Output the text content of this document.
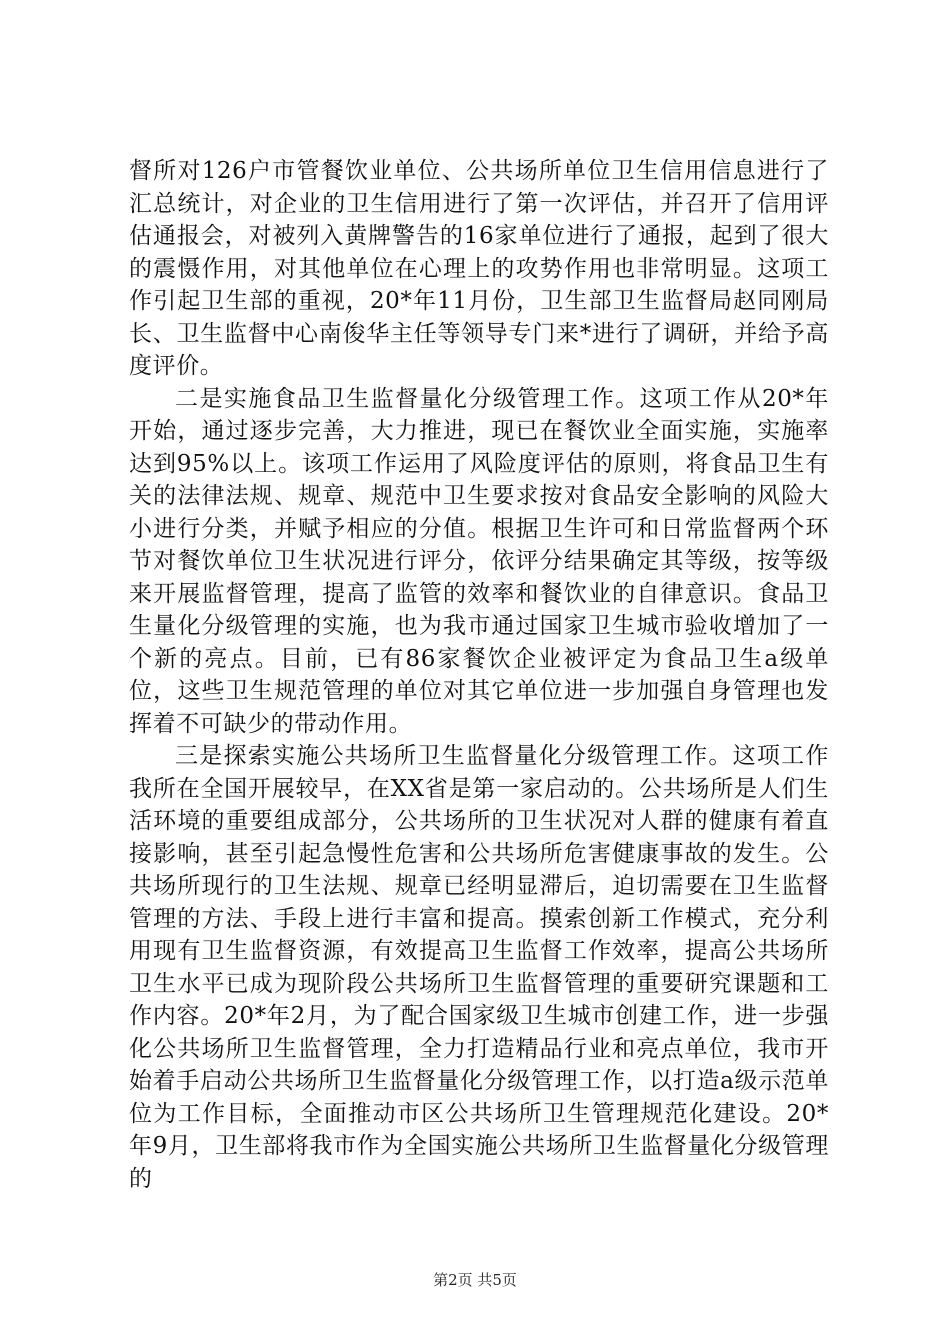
督所对126户市管餐饮业单位、公共场所单位卫生信用信息进行了汇总统计，对企业的卫生信用进行了第一次评估，并召开了信用评估通报会，对被列入黄牌警告的16家单位进行了通报，起到了很大的震慑作用，对其他单位在心理上的攻势作用也非常明显。这项工作引起卫生部的重视，20*年11月份，卫生部卫生监督局赵同刚局长、卫生监督中心南俊华主任等领导专门来*进行了调研，并给予高度评价。

二是实施食品卫生监督量化分级管理工作。这项工作从20*年开始，通过逐步完善，大力推进，现已在餐饮业全面实施，实施率达到95%以上。该项工作运用了风险度评估的原则，将食品卫生有关的法律法规、规章、规范中卫生要求按对食品安全影响的风险大小进行分类，并赋予相应的分值。根据卫生许可和日常监督两个环节对餐饮单位卫生状况进行评分，依评分结果确定其等级，按等级来开展监督管理，提高了监管的效率和餐饮业的自律意识。食品卫生量化分级管理的实施，也为我市通过国家卫生城市验收增加了一个新的亮点。目前，已有86家餐饮企业被评定为食品卫生a级单位，这些卫生规范管理的单位对其它单位进一步加强自身管理也发挥着不可缺少的带动作用。

三是探索实施公共场所卫生监督量化分级管理工作。这项工作我所在全国开展较早，在XX省是第一家启动的。公共场所是人们生活环境的重要组成部分，公共场所的卫生状况对人群的健康有着直接影响，甚至引起急慢性危害和公共场所危害健康事故的发生。公共场所现行的卫生法规、规章已经明显滞后，迫切需要在卫生监督管理的方法、手段上进行丰富和提高。摸索创新工作模式，充分利用现有卫生监督资源，有效提高卫生监督工作效率，提高公共场所卫生水平已成为现阶段公共场所卫生监督管理的重要研究课题和工作内容。20*年2月，为了配合国家级卫生城市创建工作，进一步强化公共场所卫生监督管理，全力打造精品行业和亮点单位，我市开始着手启动公共场所卫生监督量化分级管理工作，以打造a级示范单位为工作目标，全面推动市区公共场所卫生管理规范化建设。20*年9月，卫生部将我市作为全国实施公共场所卫生监督量化分级管理的

第2页 共5页
